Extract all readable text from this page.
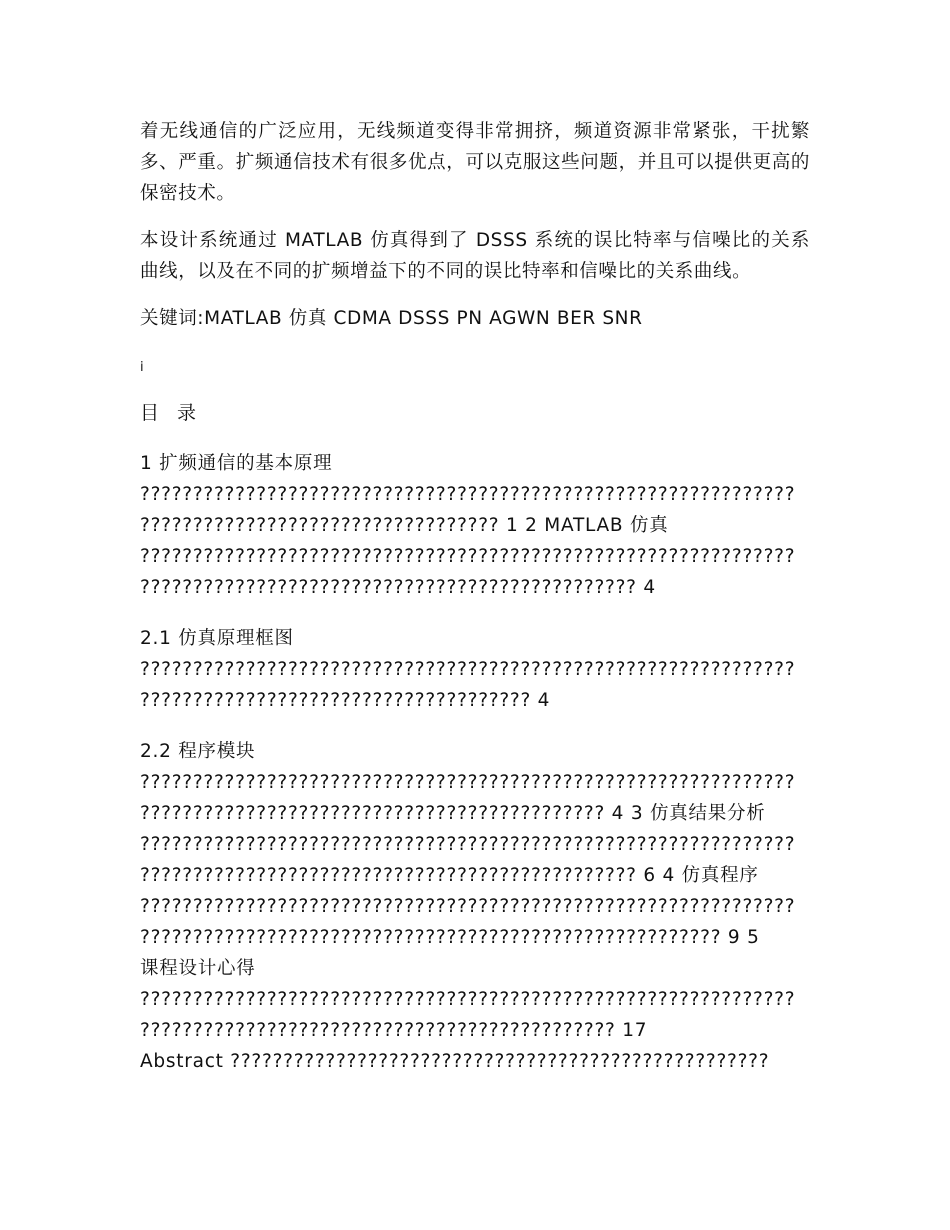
着无线通信的广泛应用，无线频道变得非常拥挤，频道资源非常紧张，干扰繁多、严重。扩频通信技术有很多优点，可以克服这些问题，并且可以提供更高的保密技术。

本设计系统通过 MATLAB 仿真得到了 DSSS 系统的误比特率与信噪比的关系曲线，以及在不同的扩频增益下的不同的误比特率和信噪比的关系曲线。

关键词:MATLAB 仿真 CDMA DSSS PN AGWN BER SNR

i
目 录

1 扩频通信的基本原理

??????????????????????????????????????????????????????????????

?????????????????????????????????? 1 2 MATLAB 仿真

??????????????????????????????????????????????????????????????

??????????????????????????????????????????????? 4

2.1 仿真原理框图

??????????????????????????????????????????????????????????????

????????????????????????????????????? 4

2.2 程序模块

??????????????????????????????????????????????????????????????

???????????????????????????????????????????? 4 3 仿真结果分析

??????????????????????????????????????????????????????????????

??????????????????????????????????????????????? 6 4 仿真程序

??????????????????????????????????????????????????????????????

??????????????????????????????????????????????????????? 9 5

课程设计心得

??????????????????????????????????????????????????????????????

????????????????????????????????????????????? 17

Abstract ???????????????????????????????????????????????????
